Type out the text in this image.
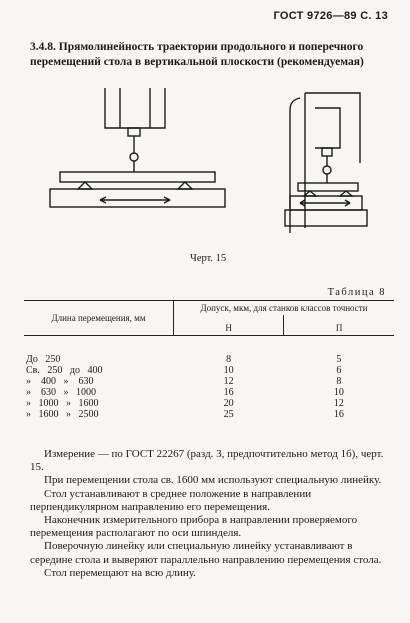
ГОСТ 9726—89 С. 13
3.4.8. Прямолинейность траектории продольного и поперечного перемещений стола в вертикальной плоскости (рекомендуемая)
Черт. 15
Таблица 8
Длина перемещения, мм	Допуск, мкм, для станков классов точности	
	Н	П

До   250	8	5
Св.   250   до   400	10	6
»    400   »    630	12	8
»    630   »   1000	16	10
»   1000   »   1600	20	12
»   1600   »   2500	25	16

Измерение — по ГОСТ 22267 (разд. 3, предпочтительно метод 1б), черт. 15.

При перемещении стола св. 1600 мм используют специальную линейку.

Стол устанавливают в среднее положение в направлении перпендикулярном направлению его перемещения.

Наконечник измерительного прибора в направлении проверяемого перемещения располагают по оси шпинделя.

Поверочную линейку или специальную линейку устанавливают в середине стола и выверяют параллельно направлению перемещения стола.

Стол перемещают на всю длину.
